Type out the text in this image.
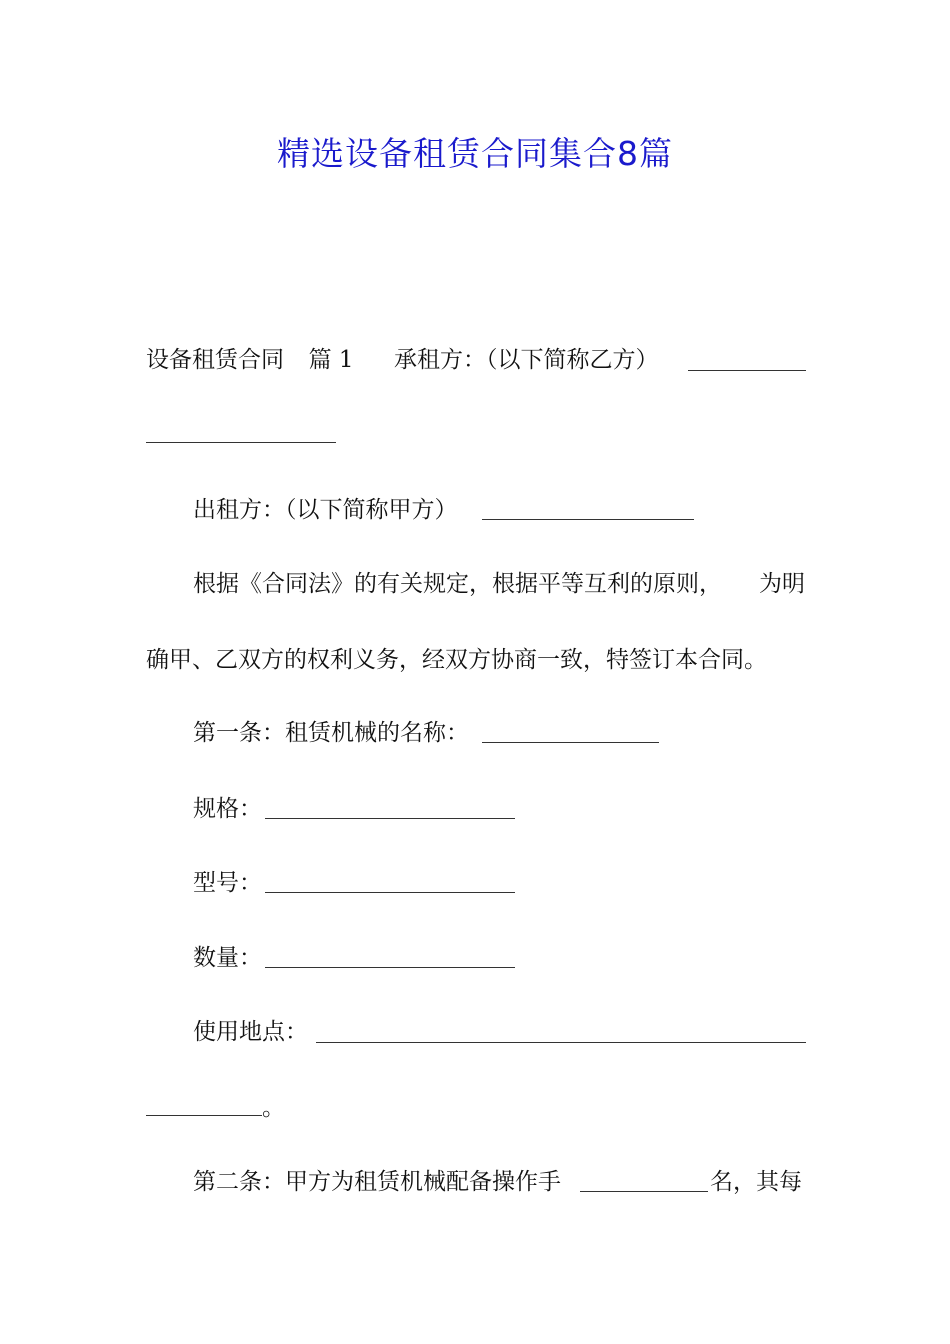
精选设备租赁合同集合8篇
设备租赁合同 篇 1 承租方：（以下简称乙方）
出租方：（以下简称甲方）
根据《合同法》的有关规定，根据平等互利的原则， 为明
确甲、乙双方的权利义务，经双方协商一致，特签订本合同。
第一条：租赁机械的名称：
规格：
型号：
数量：
使用地点：
。
第二条：甲方为租赁机械配备操作手	名，其每
